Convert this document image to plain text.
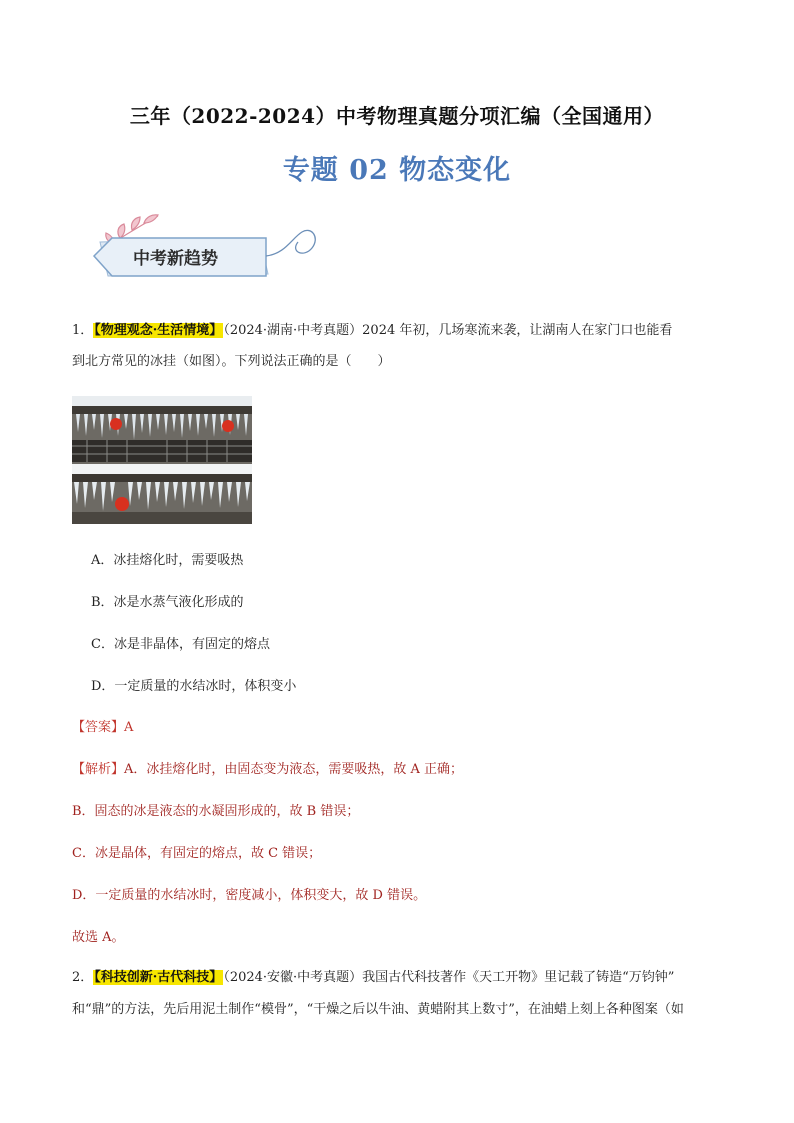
三年（2022-2024）中考物理真题分项汇编（全国通用）
专题 02 物态变化
中考新趋势
1．【物理观念·生活情境】（2024·湖南·中考真题）2024 年初，几场寒流来袭，让湖南人在家门口也能看
到北方常见的冰挂（如图）。下列说法正确的是（　　）
A．冰挂熔化时，需要吸热
B．冰是水蒸气液化形成的
C．冰是非晶体，有固定的熔点
D．一定质量的水结冰时，体积变小
【答案】A
【解析】A．冰挂熔化时，由固态变为液态，需要吸热，故 A 正确；
B．固态的冰是液态的水凝固形成的，故 B 错误；
C．冰是晶体，有固定的熔点，故 C 错误；
D．一定质量的水结冰时，密度减小，体积变大，故 D 错误。
故选 A。
2．【科技创新·古代科技】（2024·安徽·中考真题）我国古代科技著作《天工开物》里记载了铸造“万钧钟”
和“鼎”的方法，先后用泥土制作“模骨”，“干燥之后以牛油、黄蜡附其上数寸”，在油蜡上刻上各种图案（如
